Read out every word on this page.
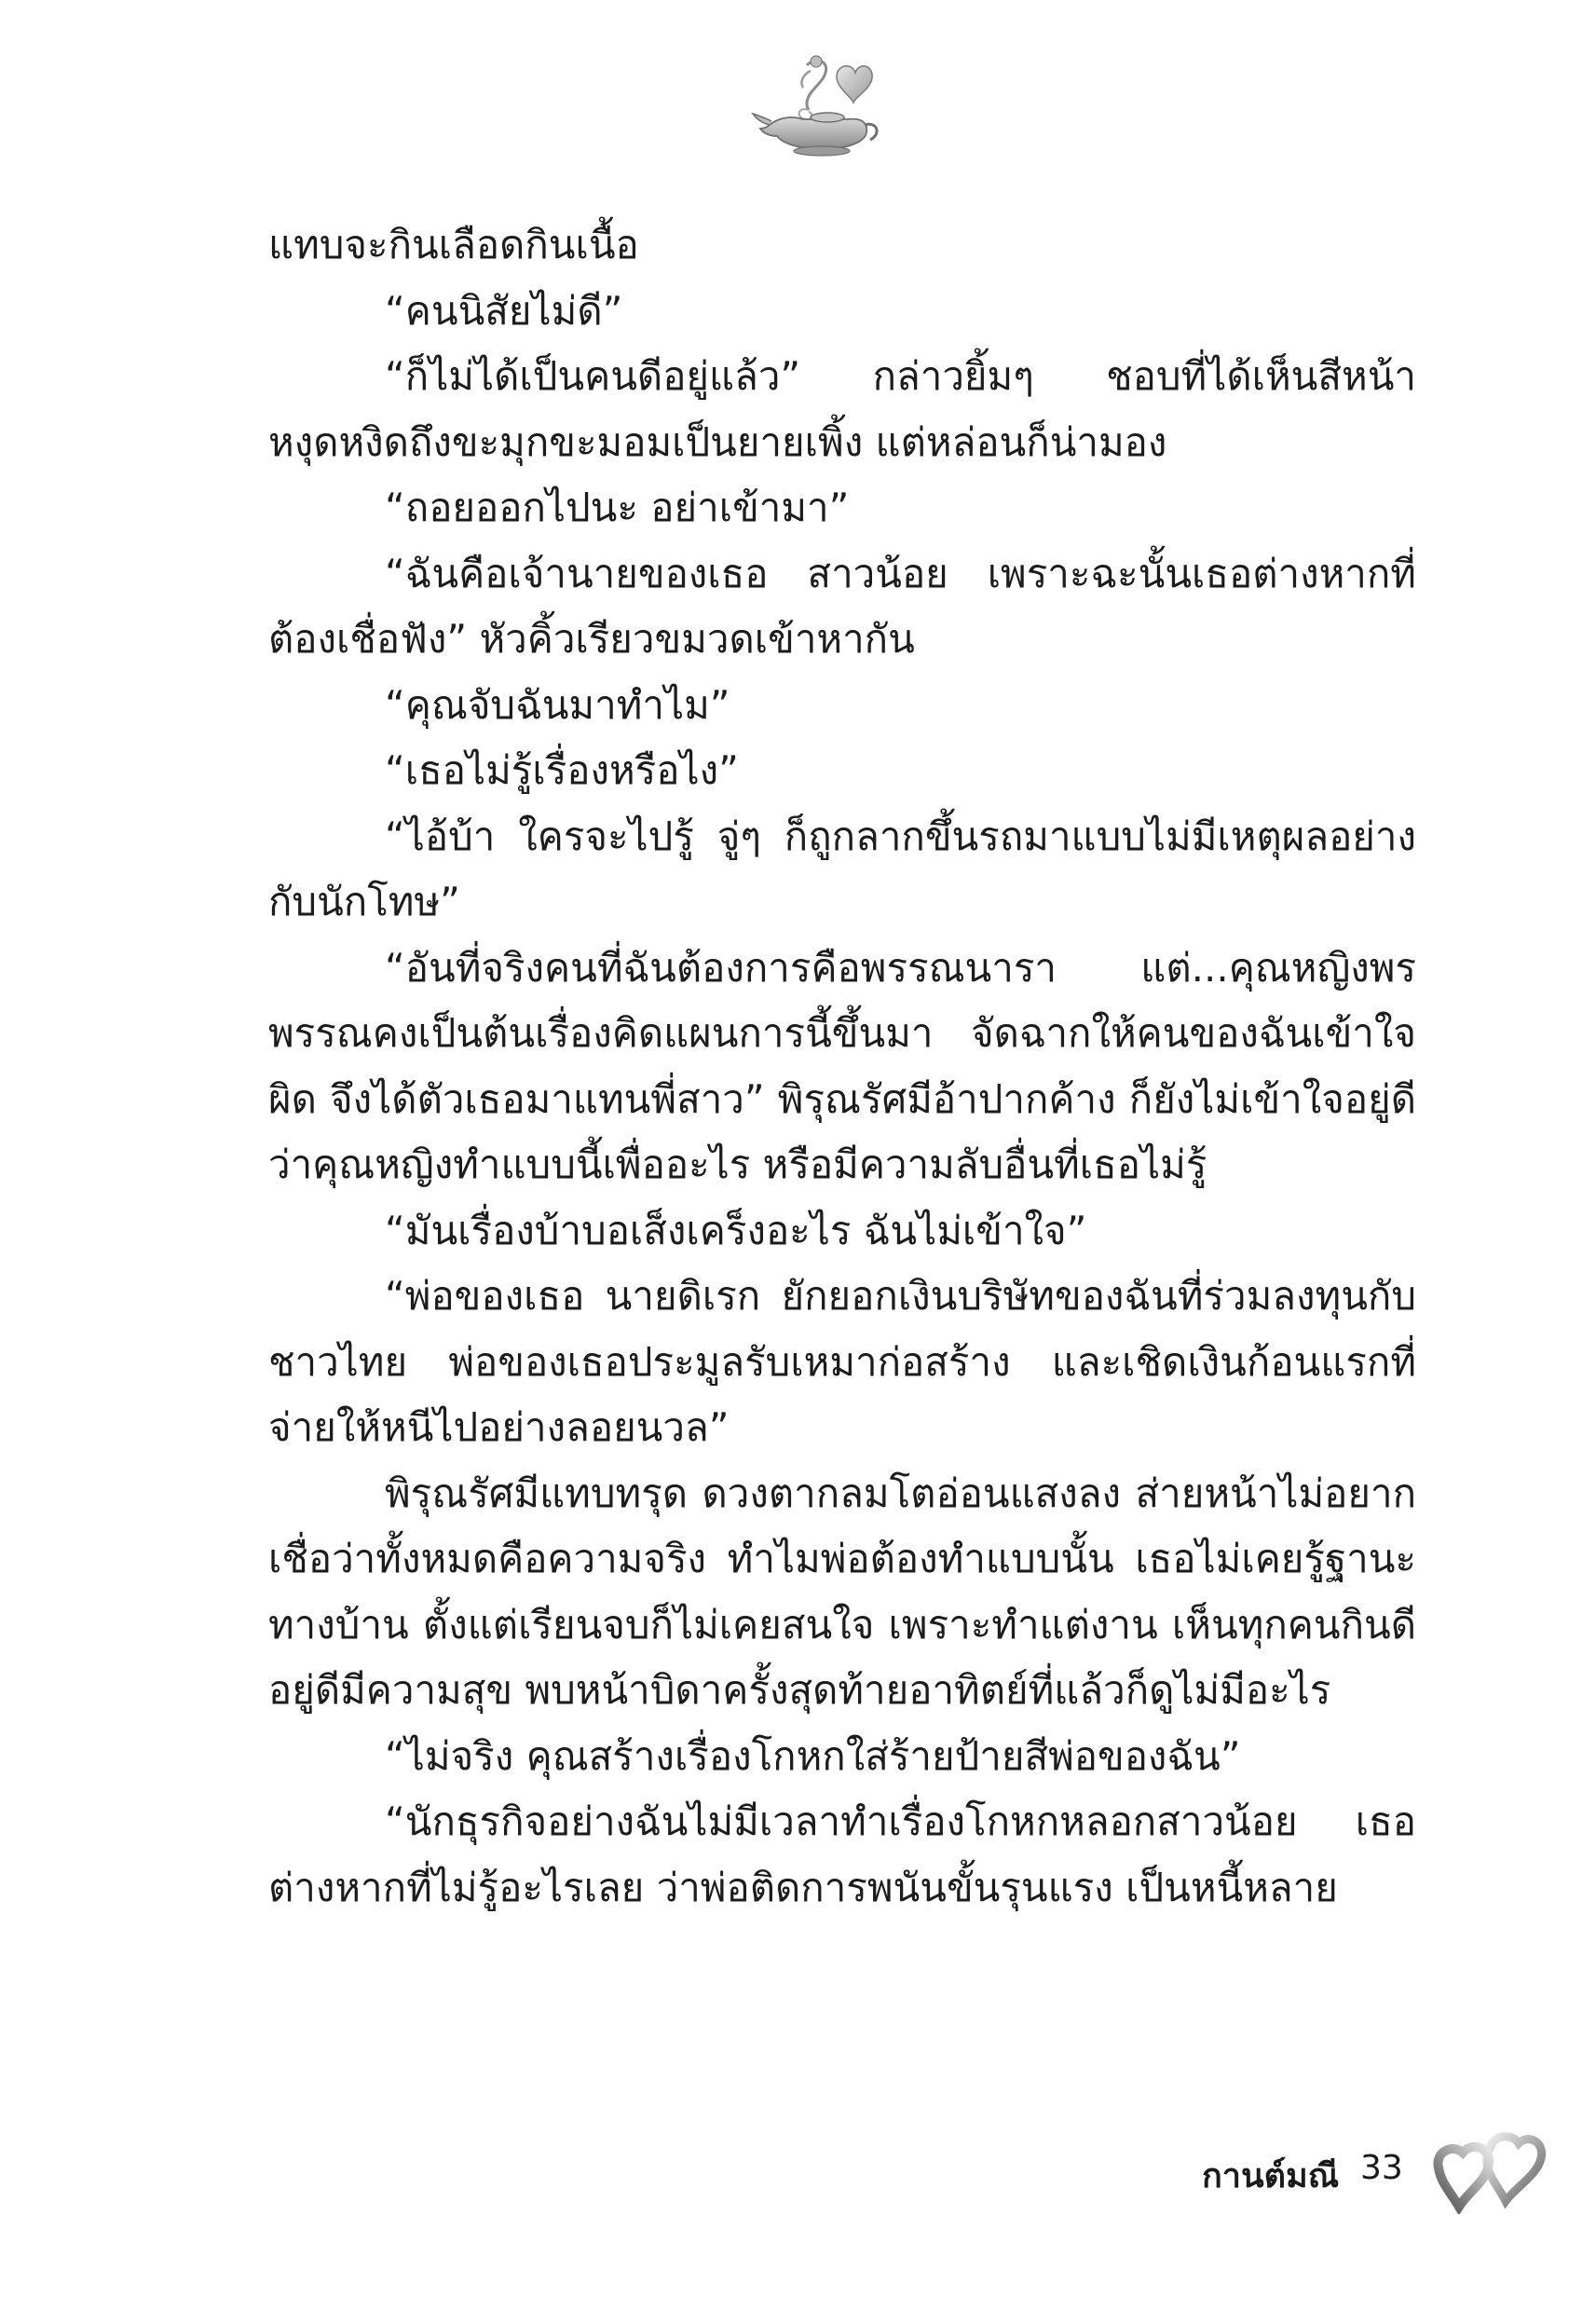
แทบจะกินเลือดกินเนื้อ

“คนนิสัยไม่ดี”

“ก็ไม่ได้เป็นคนดีอยู่แล้ว” กล่าวยิ้มๆ ชอบที่ได้เห็นสีหน้าหงุดหงิดถึงขะมุกขะมอมเป็นยายเพิ้ง แต่หล่อนก็น่ามอง

“ถอยออกไปนะ อย่าเข้ามา”

“ฉันคือเจ้านายของเธอ สาวน้อย เพราะฉะนั้นเธอต่างหากที่ต้องเชื่อฟัง” หัวคิ้วเรียวขมวดเข้าหากัน

“คุณจับฉันมาทำไม”

“เธอไม่รู้เรื่องหรือไง”

“ไอ้บ้า ใครจะไปรู้ จู่ๆ ก็ถูกลากขึ้นรถมาแบบไม่มีเหตุผลอย่างกับนักโทษ”

“อันที่จริงคนที่ฉันต้องการคือพรรณนารา แต่...คุณหญิงพรพรรณคงเป็นต้นเรื่องคิดแผนการนี้ขึ้นมา จัดฉากให้คนของฉันเข้าใจผิด จึงได้ตัวเธอมาแทนพี่สาว” พิรุณรัศมีอ้าปากค้าง ก็ยังไม่เข้าใจอยู่ดีว่าคุณหญิงทำแบบนี้เพื่ออะไร หรือมีความลับอื่นที่เธอไม่รู้

“มันเรื่องบ้าบอเส็งเคร็งอะไร ฉันไม่เข้าใจ”

“พ่อของเธอ นายดิเรก ยักยอกเงินบริษัทของฉันที่ร่วมลงทุนกับชาวไทย พ่อของเธอประมูลรับเหมาก่อสร้าง และเชิดเงินก้อนแรกที่จ่ายให้หนีไปอย่างลอยนวล”

พิรุณรัศมีแทบทรุด ดวงตากลมโตอ่อนแสงลง ส่ายหน้าไม่อยากเชื่อว่าทั้งหมดคือความจริง ทำไมพ่อต้องทำแบบนั้น เธอไม่เคยรู้ฐานะทางบ้าน ตั้งแต่เรียนจบก็ไม่เคยสนใจ เพราะทำแต่งาน เห็นทุกคนกินดีอยู่ดีมีความสุข พบหน้าบิดาครั้งสุดท้ายอาทิตย์ที่แล้วก็ดูไม่มีอะไร

“ไม่จริง คุณสร้างเรื่องโกหกใส่ร้ายป้ายสีพ่อของฉัน”

“นักธุรกิจอย่างฉันไม่มีเวลาทำเรื่องโกหกหลอกสาวน้อย เธอต่างหากที่ไม่รู้อะไรเลย ว่าพ่อติดการพนันขั้นรุนแรง เป็นหนี้หลาย

กานต์มณี 33
